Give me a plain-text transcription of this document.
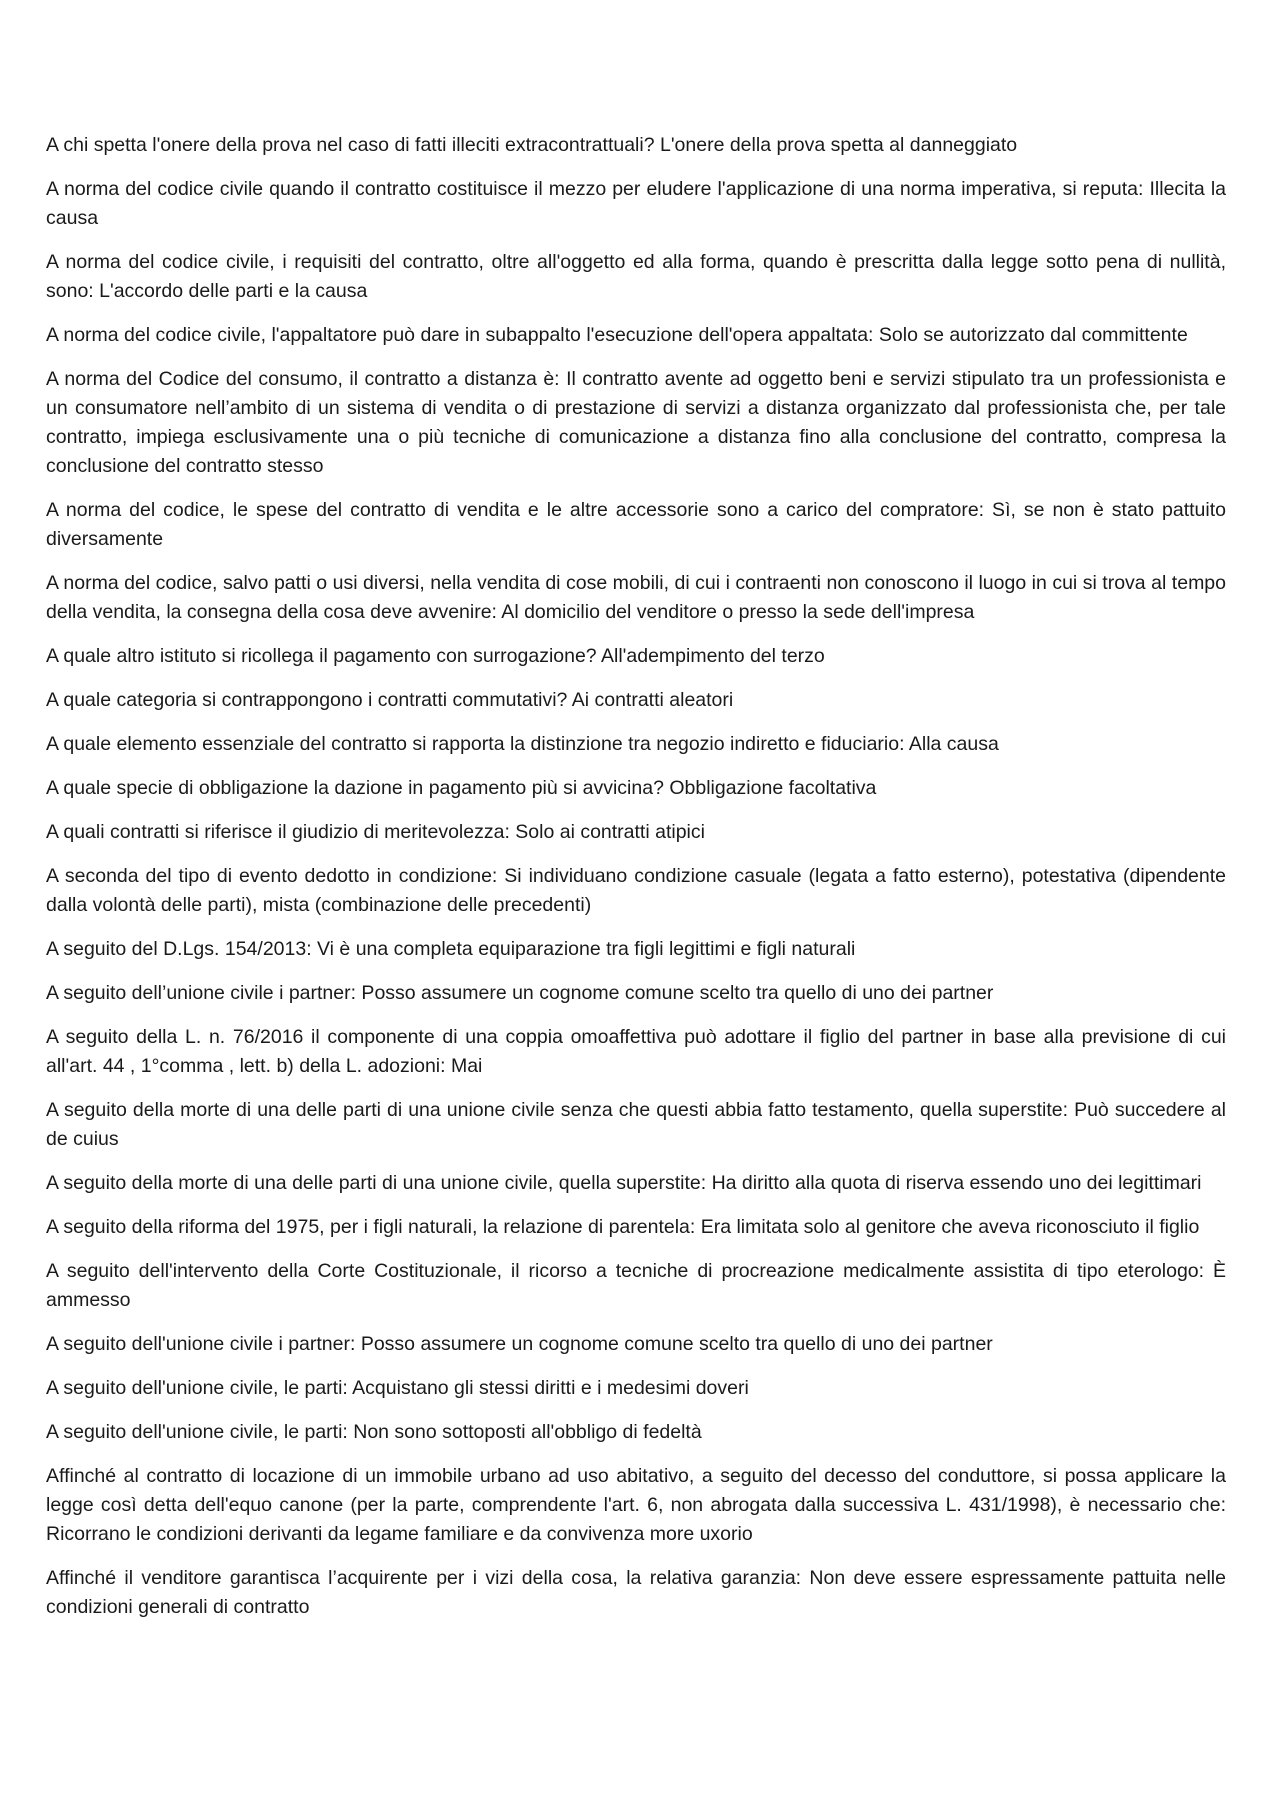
A chi spetta l'onere della prova nel caso di fatti illeciti extracontrattuali? L'onere della prova spetta al danneggiato

A norma del codice civile quando il contratto costituisce il mezzo per eludere l'applicazione di una norma imperativa, si reputa: Illecita la causa

A norma del codice civile, i requisiti del contratto, oltre all'oggetto ed alla forma, quando è prescritta dalla legge sotto pena di nullità, sono: L'accordo delle parti e la causa

A norma del codice civile, l'appaltatore può dare in subappalto l'esecuzione dell'opera appaltata: Solo se autorizzato dal committente

A norma del Codice del consumo, il contratto a distanza è: Il contratto avente ad oggetto beni e servizi stipulato tra un professionista e un consumatore nell’ambito di un sistema di vendita o di prestazione di servizi a distanza organizzato dal professionista che, per tale contratto, impiega esclusivamente una o più tecniche di comunicazione a distanza fino alla conclusione del contratto, compresa la conclusione del contratto stesso

A norma del codice, le spese del contratto di vendita e le altre accessorie sono a carico del compratore: Sì, se non è stato pattuito diversamente

A norma del codice, salvo patti o usi diversi, nella vendita di cose mobili, di cui i contraenti non conoscono il luogo in cui si trova al tempo della vendita, la consegna della cosa deve avvenire: Al domicilio del venditore o presso la sede dell'impresa

A quale altro istituto si ricollega il pagamento con surrogazione? All'adempimento del terzo

A quale categoria si contrappongono i contratti commutativi? Ai contratti aleatori

A quale elemento essenziale del contratto si rapporta la distinzione tra negozio indiretto e fiduciario: Alla causa

A quale specie di obbligazione la dazione in pagamento più si avvicina? Obbligazione facoltativa

A quali contratti si riferisce il giudizio di meritevolezza: Solo ai contratti atipici

A seconda del tipo di evento dedotto in condizione: Si individuano condizione casuale (legata a fatto esterno), potestativa (dipendente dalla volontà delle parti), mista (combinazione delle precedenti)

A seguito del D.Lgs. 154/2013: Vi è una completa equiparazione tra figli legittimi e figli naturali

A seguito dell’unione civile i partner: Posso assumere un cognome comune scelto tra quello di uno dei partner

A seguito della L. n. 76/2016 il componente di una coppia omoaffettiva può adottare il figlio del partner in base alla previsione di cui all'art. 44 , 1°comma , lett. b) della L. adozioni: Mai

A seguito della morte di una delle parti di una unione civile senza che questi abbia fatto testamento, quella superstite: Può succedere al de cuius

A seguito della morte di una delle parti di una unione civile, quella superstite: Ha diritto alla quota di riserva essendo uno dei legittimari

A seguito della riforma del 1975, per i figli naturali, la relazione di parentela: Era limitata solo al genitore che aveva riconosciuto il figlio

A seguito dell'intervento della Corte Costituzionale, il ricorso a tecniche di procreazione medicalmente assistita di tipo eterologo: È ammesso

A seguito dell'unione civile i partner: Posso assumere un cognome comune scelto tra quello di uno dei partner

A seguito dell'unione civile, le parti: Acquistano gli stessi diritti e i medesimi doveri

A seguito dell'unione civile, le parti: Non sono sottoposti all'obbligo di fedeltà

Affinché al contratto di locazione di un immobile urbano ad uso abitativo, a seguito del decesso del conduttore, si possa applicare la legge così detta dell'equo canone (per la parte, comprendente l'art. 6, non abrogata dalla successiva L. 431/1998), è necessario che: Ricorrano le condizioni derivanti da legame familiare e da convivenza more uxorio

Affinché il venditore garantisca l’acquirente per i vizi della cosa, la relativa garanzia: Non deve essere espressamente pattuita nelle condizioni generali di contratto
